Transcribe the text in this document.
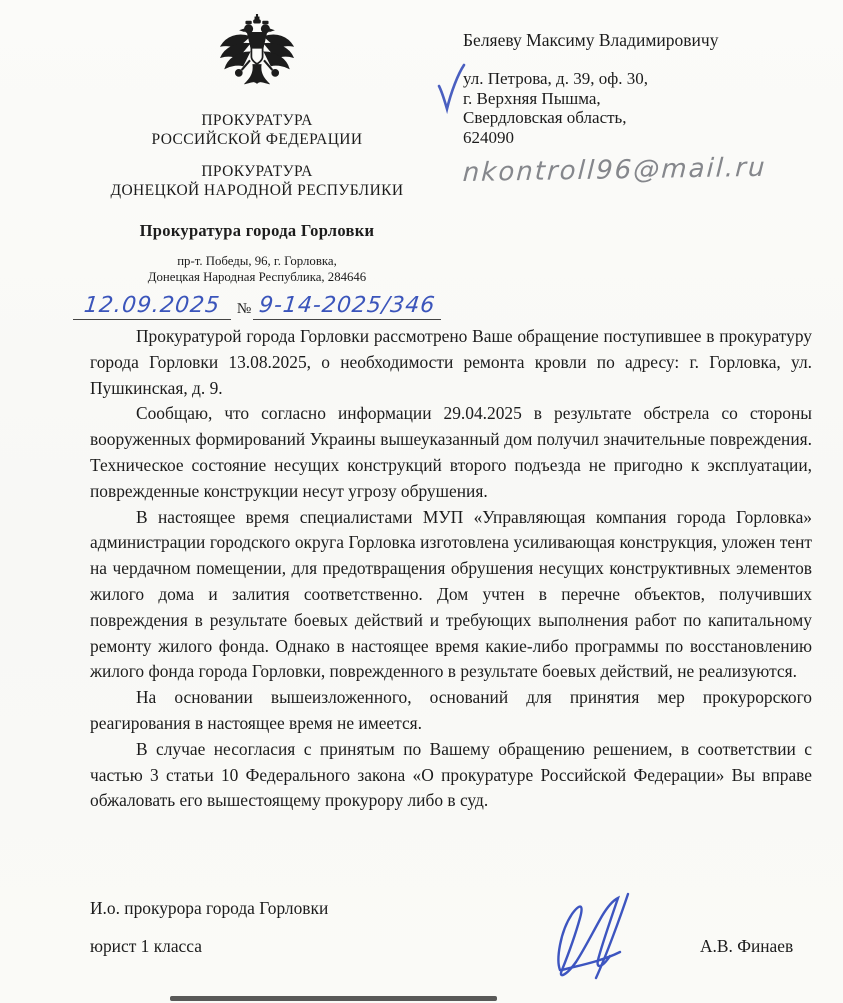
ПРОКУРАТУРА
РОССИЙСКОЙ ФЕДЕРАЦИИ
ПРОКУРАТУРА
ДОНЕЦКОЙ НАРОДНОЙ РЕСПУБЛИКИ
Прокуратура города Горловки
пр-т. Победы, 96, г. Горловка,
Донецкая Народная Республика, 284646
12.09.2025	№ 9-14-2025/346
Беляеву Максиму Владимировичу
ул. Петрова, д. 39, оф. 30,
г. Верхняя Пышма,
Свердловская область,
624090
nkontroll96@mail.ru

Прокуратурой города Горловки рассмотрено Ваше обращение поступившее в прокуратуру города Горловки 13.08.2025, о необходимости ремонта кровли по адресу: г. Горловка, ул. Пушкинская, д. 9.

Сообщаю, что согласно информации 29.04.2025 в результате обстрела со стороны вооруженных формирований Украины вышеуказанный дом получил значительные повреждения. Техническое состояние несущих конструкций второго подъезда не пригодно к эксплуатации, поврежденные конструкции несут угрозу обрушения.

В настоящее время специалистами МУП «Управляющая компания города Горловка» администрации городского округа Горловка изготовлена усиливающая конструкция, уложен тент на чердачном помещении, для предотвращения обрушения несущих конструктивных элементов жилого дома и залития соответственно. Дом учтен в перечне объектов, получивших повреждения в результате боевых действий и требующих выполнения работ по капитальному ремонту жилого фонда. Однако в настоящее время какие-либо программы по восстановлению жилого фонда города Горловки, поврежденного в результате боевых действий, не реализуются.

На основании вышеизложенного, оснований для принятия мер прокурорского реагирования в настоящее время не имеется.

В случае несогласия с принятым по Вашему обращению решением, в соответствии с частью 3 статьи 10 Федерального закона «О прокуратуре Российской Федерации» Вы вправе обжаловать его вышестоящему прокурору либо в суд.

И.о. прокурора города Горловки
юрист 1 класса	А.В. Финаев
